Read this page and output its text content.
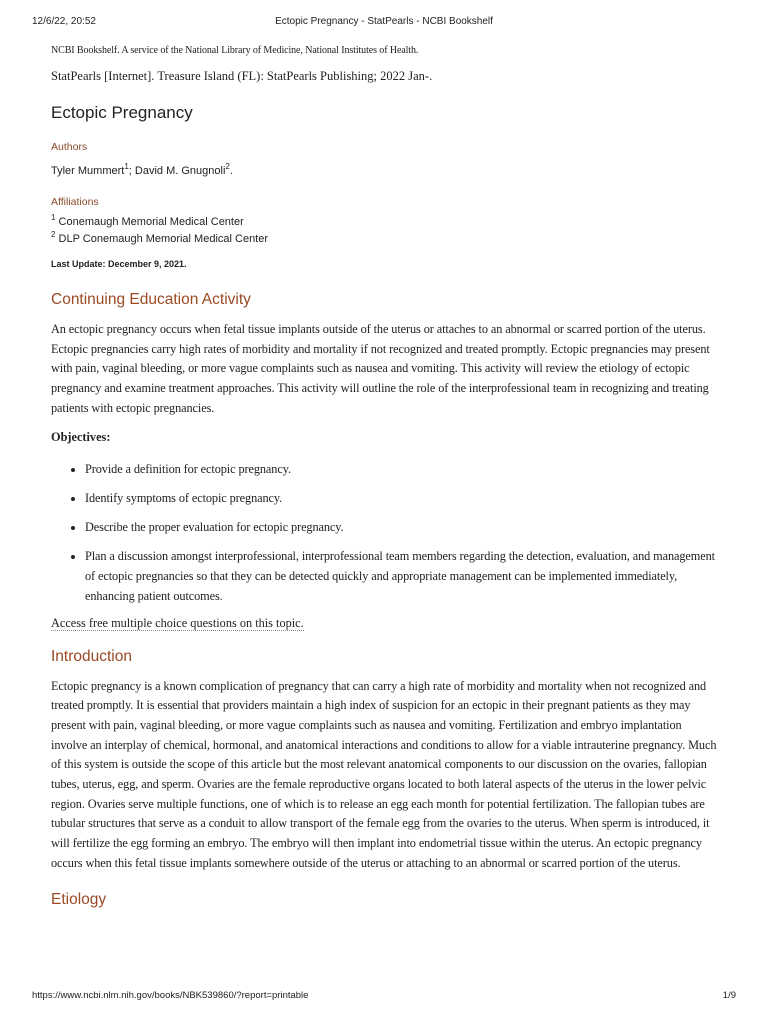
12/6/22, 20:52	Ectopic Pregnancy - StatPearls - NCBI Bookshelf

NCBI Bookshelf. A service of the National Library of Medicine, National Institutes of Health.

StatPearls [Internet]. Treasure Island (FL): StatPearls Publishing; 2022 Jan-.

Ectopic Pregnancy

Authors

Tyler Mummert$^1$; David M. Gnugnoli$^2$.

Affiliations

$^1$ Conemaugh Memorial Medical Center

$^2$ DLP Conemaugh Memorial Medical Center

Last Update: December 9, 2021.

Continuing Education Activity

An ectopic pregnancy occurs when fetal tissue implants outside of the uterus or attaches to an abnormal or scarred portion of the uterus. Ectopic pregnancies carry high rates of morbidity and mortality if not recognized and treated promptly. Ectopic pregnancies may present with pain, vaginal bleeding, or more vague complaints such as nausea and vomiting. This activity will review the etiology of ectopic pregnancy and examine treatment approaches. This activity will outline the role of the interprofessional team in recognizing and treating patients with ectopic pregnancies.

Objectives:

• Provide a definition for ectopic pregnancy.
• Identify symptoms of ectopic pregnancy.
• Describe the proper evaluation for ectopic pregnancy.
• Plan a discussion amongst interprofessional, interprofessional team members regarding the detection, evaluation, and management of ectopic pregnancies so that they can be detected quickly and appropriate management can be implemented immediately, enhancing patient outcomes.

Access free multiple choice questions on this topic.

Introduction

Ectopic pregnancy is a known complication of pregnancy that can carry a high rate of morbidity and mortality when not recognized and treated promptly. It is essential that providers maintain a high index of suspicion for an ectopic in their pregnant patients as they may present with pain, vaginal bleeding, or more vague complaints such as nausea and vomiting. Fertilization and embryo implantation involve an interplay of chemical, hormonal, and anatomical interactions and conditions to allow for a viable intrauterine pregnancy. Much of this system is outside the scope of this article but the most relevant anatomical components to our discussion on the ovaries, fallopian tubes, uterus, egg, and sperm. Ovaries are the female reproductive organs located to both lateral aspects of the uterus in the lower pelvic region. Ovaries serve multiple functions, one of which is to release an egg each month for potential fertilization. The fallopian tubes are tubular structures that serve as a conduit to allow transport of the female egg from the ovaries to the uterus. When sperm is introduced, it will fertilize the egg forming an embryo. The embryo will then implant into endometrial tissue within the uterus. An ectopic pregnancy occurs when this fetal tissue implants somewhere outside of the uterus or attaching to an abnormal or scarred portion of the uterus.

Etiology
https://www.ncbi.nlm.nih.gov/books/NBK539860/?report=printable	1/9
